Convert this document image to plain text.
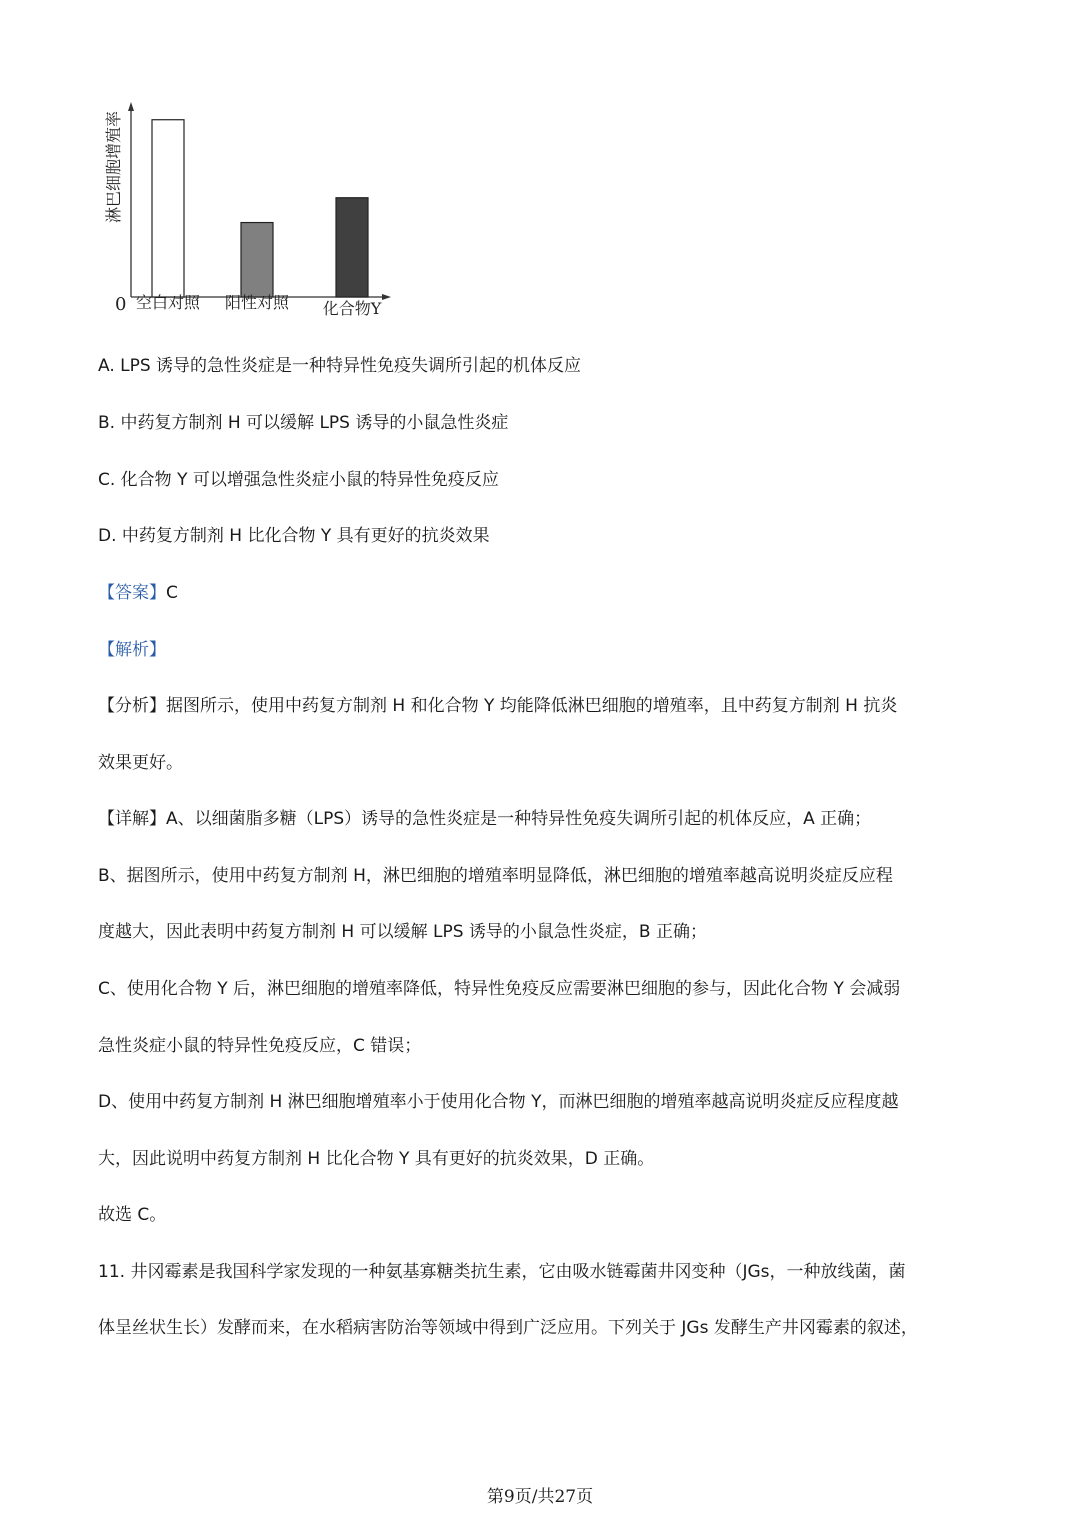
淋巴细胞增殖率
0 空白对照 阳性对照 化合物Y
A. LPS 诱导的急性炎症是一种特异性免疫失调所引起的机体反应
B. 中药复方制剂 H 可以缓解 LPS 诱导的小鼠急性炎症
C. 化合物 Y 可以增强急性炎症小鼠的特异性免疫反应
D. 中药复方制剂 H 比化合物 Y 具有更好的抗炎效果
【答案】C
【解析】
【分析】据图所示，使用中药复方制剂 H 和化合物 Y 均能降低淋巴细胞的增殖率，且中药复方制剂 H 抗炎
效果更好。
【详解】A、以细菌脂多糖（LPS）诱导的急性炎症是一种特异性免疫失调所引起的机体反应，A 正确；
B、据图所示，使用中药复方制剂 H，淋巴细胞的增殖率明显降低，淋巴细胞的增殖率越高说明炎症反应程
度越大，因此表明中药复方制剂 H 可以缓解 LPS 诱导的小鼠急性炎症，B 正确；
C、使用化合物 Y 后，淋巴细胞的增殖率降低，特异性免疫反应需要淋巴细胞的参与，因此化合物 Y 会减弱
急性炎症小鼠的特异性免疫反应，C 错误；
D、使用中药复方制剂 H 淋巴细胞增殖率小于使用化合物 Y，而淋巴细胞的增殖率越高说明炎症反应程度越
大，因此说明中药复方制剂 H 比化合物 Y 具有更好的抗炎效果，D 正确。
故选 C。
11. 井冈霉素是我国科学家发现的一种氨基寡糖类抗生素，它由吸水链霉菌井冈变种（JGs，一种放线菌，菌
体呈丝状生长）发酵而来，在水稻病害防治等领域中得到广泛应用。下列关于 JGs 发酵生产井冈霉素的叙述，
第9页/共27页
